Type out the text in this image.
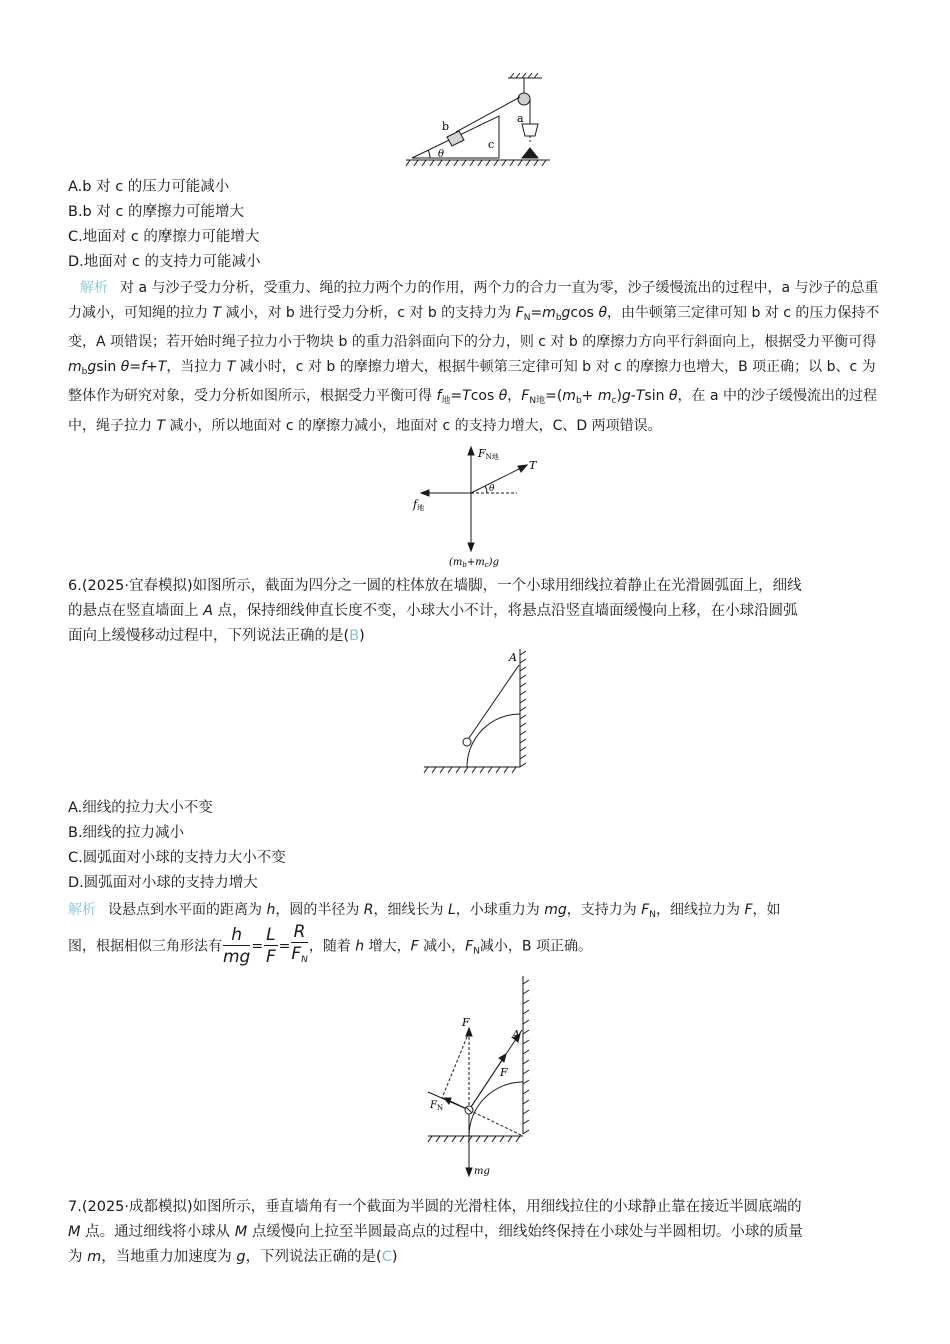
b
c
a
θ
A.b 对 c 的压力可能减小
B.b 对 c 的摩擦力可能增大
C.地面对 c 的摩擦力可能增大
D.地面对 c 的支持力可能减小
解析 对 a 与沙子受力分析，受重力、绳的拉力两个力的作用，两个力的合力一直为零，沙子缓慢流出的过程中，a 与沙子的总重力减小，可知绳的拉力 T 减小，对 b 进行受力分析，c 对 b 的支持力为 $F_N=m_bgcos$ θ，由牛顿第三定律可知 b 对 c 的压力保持不变，A 项错误；若开始时绳子拉力小于物块 b 的重力沿斜面向下的分力，则 c 对 b 的摩擦力方向平行斜面向上，根据受力平衡可得 $m_bgsin$ θ=f+T，当拉力 T 减小时，c 对 b 的摩擦力增大，根据牛顿第三定律可知 b 对 c 的摩擦力也增大，B 项正确；以 b、c 为整体作为研究对象，受力分析如图所示，根据受力平衡可得 $f_地=Tcos$ θ，$F_{N地}=(m_b+ m_c)g-Tsin$ θ，在 a 中的沙子缓慢流出的过程中，绳子拉力 T 减小，所以地面对 c 的摩擦力减小，地面对 c 的支持力增大，C、D 两项错误。
FN地
T
θ
f地
$(m_b+m_c)g$
6.(2025·宜春模拟)如图所示，截面为四分之一圆的柱体放在墙脚，一个小球用细线拉着静止在光滑圆弧面上，细线
的悬点在竖直墙面上 A 点，保持细线伸直长度不变，小球大小不计，将悬点沿竖直墙面缓慢向上移，在小球沿圆弧
面向上缓慢移动过程中，下列说法正确的是(B)
A
A.细线的拉力大小不变
B.细线的拉力减小
C.圆弧面对小球的支持力大小不变
D.圆弧面对小球的支持力增大
解析 设悬点到水平面的距离为 h，圆的半径为 R，细线长为 L，小球重力为 mg，支持力为 $F_N$，细线拉力为 F，如
图，根据相似三角形法有 $\frac{h}{mg} = \frac{L}{F} = \frac{R}{F_N}$ ，随着 h 增大，F 减小，$F_N$减小，B 项正确。
F
A
F
$F_N$
mg
7.(2025·成都模拟)如图所示，垂直墙角有一个截面为半圆的光滑柱体，用细线拉住的小球静止靠在接近半圆底端的
M 点。通过细线将小球从 M 点缓慢向上拉至半圆最高点的过程中，细线始终保持在小球处与半圆相切。小球的质量
为 m，当地重力加速度为 g，下列说法正确的是(C)
